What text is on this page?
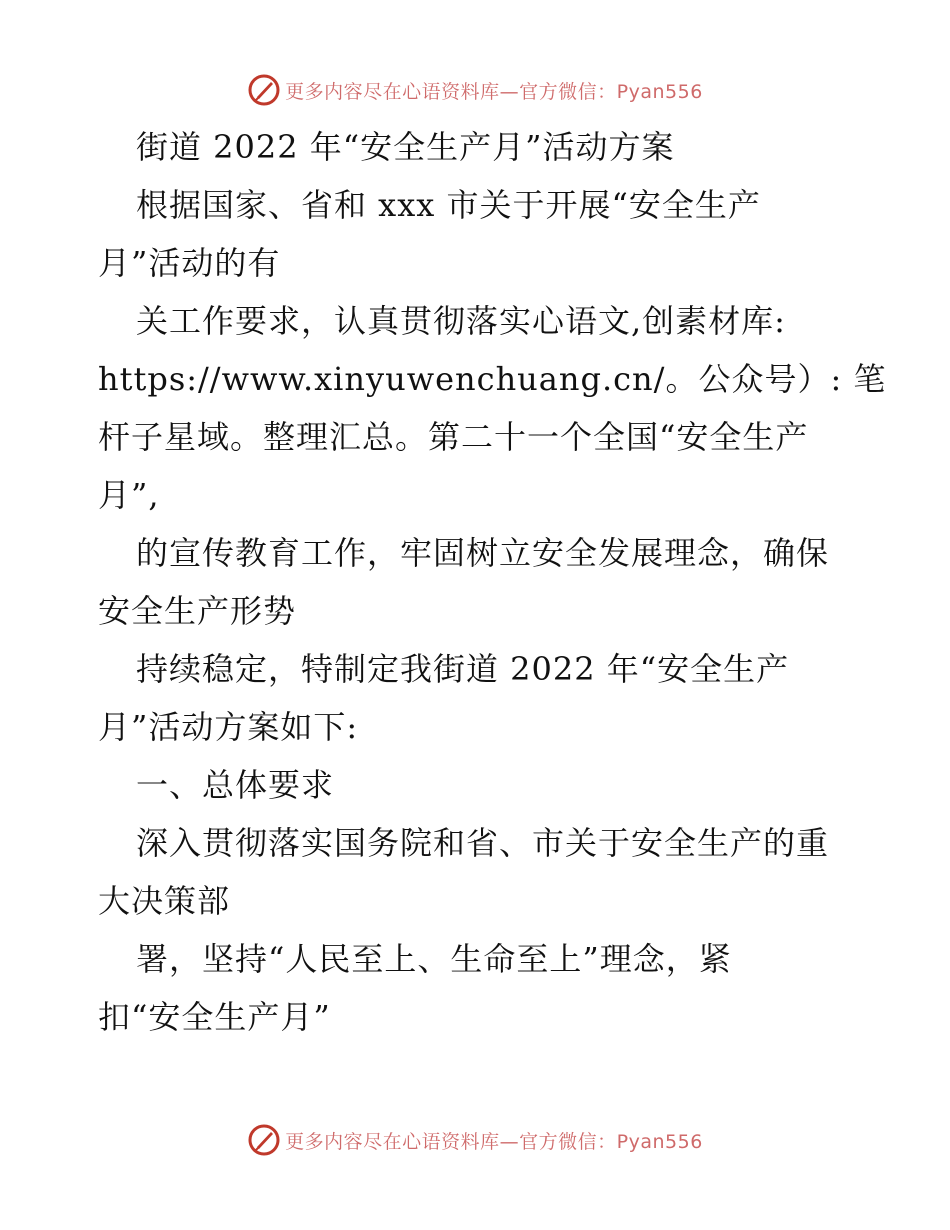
更多内容尽在心语资料库—官方微信：Pyan556
街道 2022 年“安全生产月”活动方案
根据国家、省和 xxx 市关于开展“安全生产
月”活动的有
关工作要求，认真贯彻落实心语文,创素材库:
https://www.xinyuwenchuang.cn/。公众号）: 笔
杆子星域。整理汇总。第二十一个全国“安全生产
月”,
的宣传教育工作，牢固树立安全发展理念，确保
安全生产形势
持续稳定，特制定我街道 2022 年“安全生产
月”活动方案如下:
一、总体要求
深入贯彻落实国务院和省、市关于安全生产的重
大决策部
署，坚持“人民至上、生命至上”理念，紧
扣“安全生产月”
更多内容尽在心语资料库—官方微信：Pyan556
